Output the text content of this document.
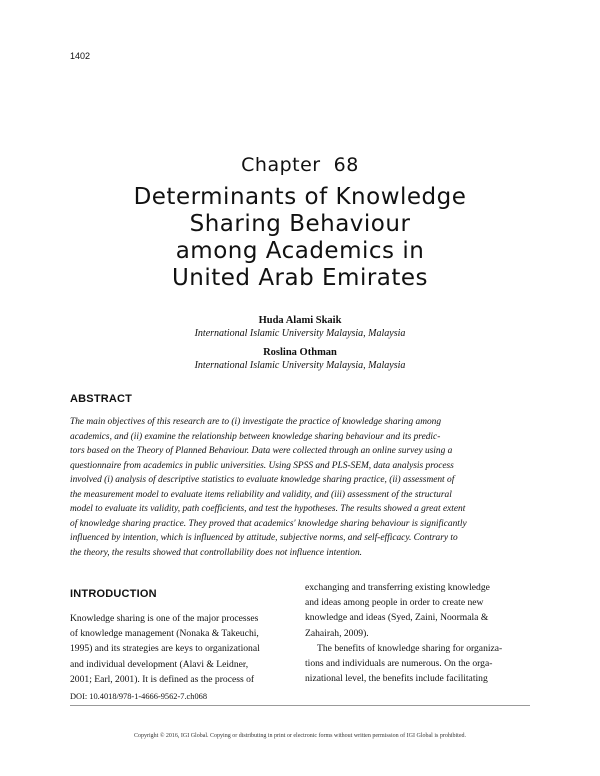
1402
Chapter  68
Determinants of Knowledge
Sharing Behaviour
among Academics in
United Arab Emirates
Huda Alami Skaik
International Islamic University Malaysia, Malaysia
Roslina Othman
International Islamic University Malaysia, Malaysia
ABSTRACT
The main objectives of this research are to (i) investigate the practice of knowledge sharing among
academics, and (ii) examine the relationship between knowledge sharing behaviour and its predic-
tors based on the Theory of Planned Behaviour. Data were collected through an online survey using a
questionnaire from academics in public universities. Using SPSS and PLS-SEM, data analysis process
involved (i) analysis of descriptive statistics to evaluate knowledge sharing practice, (ii) assessment of
the measurement model to evaluate items reliability and validity, and (iii) assessment of the structural
model to evaluate its validity, path coefficients, and test the hypotheses. The results showed a great extent
of knowledge sharing practice. They proved that academics' knowledge sharing behaviour is significantly
influenced by intention, which is influenced by attitude, subjective norms, and self-efficacy. Contrary to
the theory, the results showed that controllability does not influence intention.
INTRODUCTION
Knowledge sharing is one of the major processes
of knowledge management (Nonaka & Takeuchi,
1995) and its strategies are keys to organizational
and individual development (Alavi & Leidner,
2001; Earl, 2001). It is defined as the process of
exchanging and transferring existing knowledge
and ideas among people in order to create new
knowledge and ideas (Syed, Zaini, Noormala &
Zahairah, 2009).
The benefits of knowledge sharing for organiza-
tions and individuals are numerous. On the orga-
nizational level, the benefits include facilitating
DOI: 10.4018/978-1-4666-9562-7.ch068
Copyright © 2016, IGI Global. Copying or distributing in print or electronic forms without written permission of IGI Global is prohibited.
